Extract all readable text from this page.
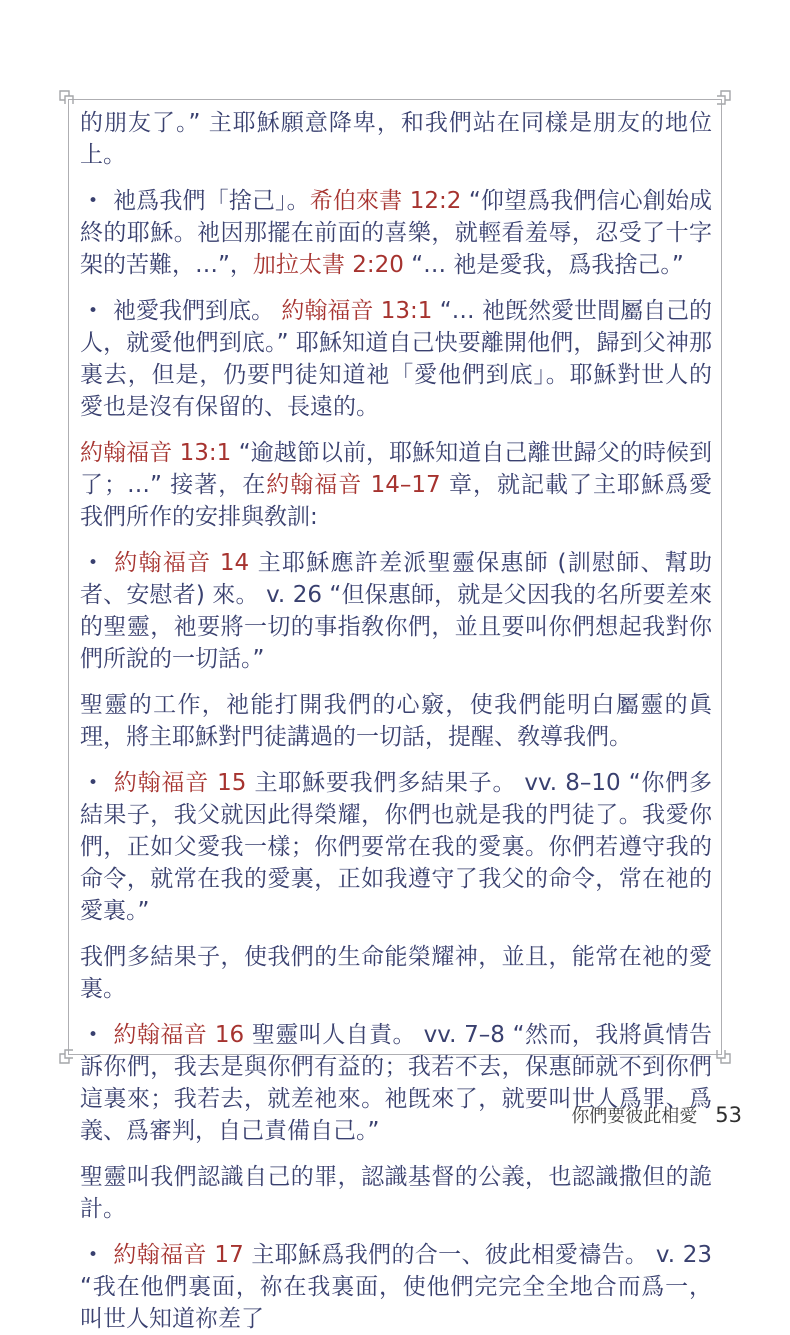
的朋友了。” 主耶穌願意降卑，和我們站在同樣是朋友的地位上。

• 祂爲我們「捨己」。希伯來書 12:2 “仰望爲我們信心創始成終的耶穌。祂因那擺在前面的喜樂，就輕看羞辱，忍受了十字架的苦難，…”，加拉太書 2:20 “… 祂是愛我，爲我捨己。”

• 祂愛我們到底。 約翰福音 13:1 “… 祂旣然愛世間屬自己的人，就愛他們到底。” 耶穌知道自己快要離開他們，歸到父神那裏去，但是，仍要門徒知道祂「愛他們到底」。耶穌對世人的愛也是沒有保留的、長遠的。

約翰福音 13:1 “逾越節以前，耶穌知道自己離世歸父的時候到了；…” 接著，在約翰福音 14–17 章，就記載了主耶穌爲愛我們所作的安排與敎訓:

• 約翰福音 14 主耶穌應許差派聖靈保惠師 (訓慰師、幫助者、安慰者) 來。 v. 26 “但保惠師，就是父因我的名所要差來的聖靈，祂要將一切的事指敎你們，並且要叫你們想起我對你們所說的一切話。”

聖靈的工作，祂能打開我們的心竅，使我們能明白屬靈的眞理，將主耶穌對門徒講過的一切話，提醒、敎導我們。

• 約翰福音 15 主耶穌要我們多結果子。 vv. 8–10 “你們多結果子，我父就因此得榮耀，你們也就是我的門徒了。我愛你們，正如父愛我一樣；你們要常在我的愛裏。你們若遵守我的命令，就常在我的愛裏，正如我遵守了我父的命令，常在祂的愛裏。”

我們多結果子，使我們的生命能榮耀神，並且，能常在祂的愛裏。

• 約翰福音 16 聖靈叫人自責。 vv. 7–8 “然而，我將眞情告訴你們，我去是與你們有益的；我若不去，保惠師就不到你們這裏來；我若去，就差祂來。祂旣來了，就要叫世人爲罪、爲義、爲審判，自己責備自己。”

聖靈叫我們認識自己的罪，認識基督的公義，也認識撒但的詭計。

• 約翰福音 17 主耶穌爲我們的合一、彼此相愛禱告。 v. 23 “我在他們裏面，祢在我裏面，使他們完完全全地合而爲一，叫世人知道祢差了

你們要彼此相愛 53
